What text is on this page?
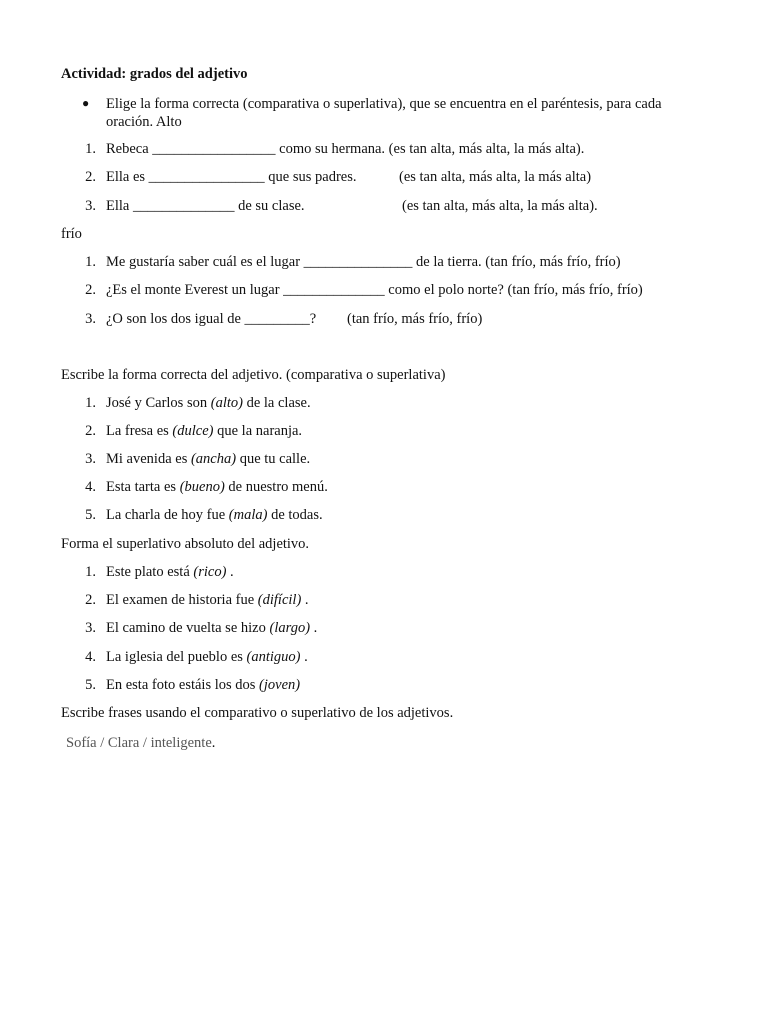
Actividad: grados del adjetivo
● Elige la forma correcta (comparativa o superlativa), que se encuentra en el paréntesis, para cada oración. Alto
1. Rebeca _________________ como su hermana. (es tan alta, más alta, la más alta).
2. Ella es ________________ que sus padres.	(es tan alta, más alta, la más alta)
3. Ella ______________ de su clase.	(es tan alta, más alta, la más alta).
frío
1. Me gustaría saber cuál es el lugar _______________ de la tierra. (tan frío, más frío, frío)
2. ¿Es el monte Everest un lugar ______________ como el polo norte? (tan frío, más frío, frío)
3. ¿O son los dos igual de _________? (tan frío, más frío, frío)
Escribe la forma correcta del adjetivo. (comparativa o superlativa)
1. José y Carlos son (alto) de la clase.
2. La fresa es (dulce) que la naranja.
3. Mi avenida es (ancha) que tu calle.
4. Esta tarta es (bueno) de nuestro menú.
5. La charla de hoy fue (mala) de todas.
Forma el superlativo absoluto del adjetivo.
1. Este plato está (rico) .
2. El examen de historia fue (difícil) .
3. El camino de vuelta se hizo (largo) .
4. La iglesia del pueblo es (antiguo) .
5. En esta foto estáis los dos (joven)
Escribe frases usando el comparativo o superlativo de los adjetivos.
Sofía / Clara / inteligente.
